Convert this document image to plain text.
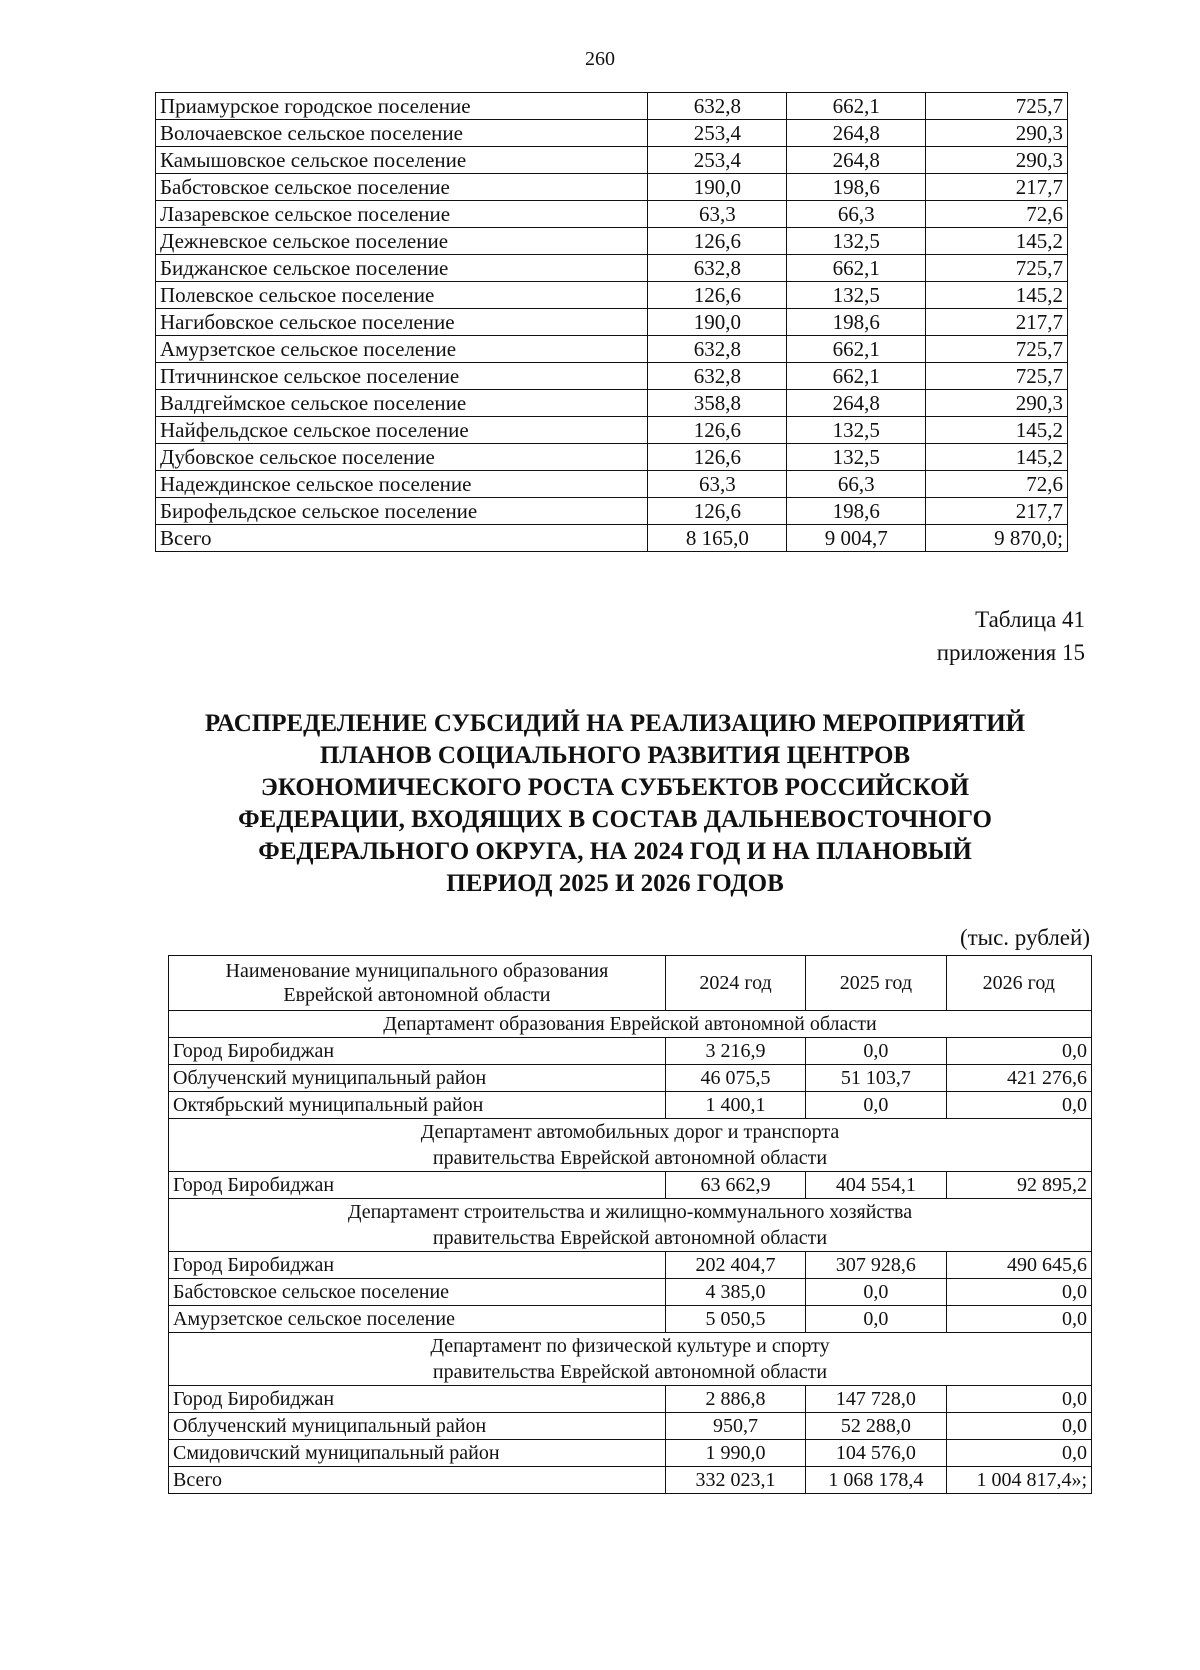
260
Приамурское городское поселение	632,8	662,1	725,7
Волочаевское сельское поселение	253,4	264,8	290,3
Камышовское сельское поселение	253,4	264,8	290,3
Бабстовское сельское поселение	190,0	198,6	217,7
Лазаревское сельское поселение	63,3	66,3	72,6
Дежневское сельское поселение	126,6	132,5	145,2
Биджанское сельское поселение	632,8	662,1	725,7
Полевское сельское поселение	126,6	132,5	145,2
Нагибовское сельское поселение	190,0	198,6	217,7
Амурзетское сельское поселение	632,8	662,1	725,7
Птичнинское сельское поселение	632,8	662,1	725,7
Валдгеймское сельское поселение	358,8	264,8	290,3
Найфельдское сельское поселение	126,6	132,5	145,2
Дубовское сельское поселение	126,6	132,5	145,2
Надеждинское сельское поселение	63,3	66,3	72,6
Бирофельдское сельское поселение	126,6	198,6	217,7
Всего	8 165,0	9 004,7	9 870,0;
Таблица 41
приложения 15
РАСПРЕДЕЛЕНИЕ СУБСИДИЙ НА РЕАЛИЗАЦИЮ МЕРОПРИЯТИЙ
ПЛАНОВ СОЦИАЛЬНОГО РАЗВИТИЯ ЦЕНТРОВ
ЭКОНОМИЧЕСКОГО РОСТА СУБЪЕКТОВ РОССИЙСКОЙ
ФЕДЕРАЦИИ, ВХОДЯЩИХ В СОСТАВ ДАЛЬНЕВОСТОЧНОГО
ФЕДЕРАЛЬНОГО ОКРУГА, НА 2024 ГОД И НА ПЛАНОВЫЙ
ПЕРИОД 2025 И 2026 ГОДОВ
(тыс. рублей)
Наименование муниципального образования
Еврейской автономной области	2024 год	2025 год	2026 год

Департамент образования Еврейской автономной области			

Город Биробиджан	3 216,9	0,0	0,0
Облученский муниципальный район	46 075,5	51 103,7	421 276,6
Октябрьский муниципальный район	1 400,1	0,0	0,0

Департамент автомобильных дорог и транспорта
правительства Еврейской автономной области			

Город Биробиджан	63 662,9	404 554,1	92 895,2

Департамент строительства и жилищно-коммунального хозяйства
правительства Еврейской автономной области			

Город Биробиджан	202 404,7	307 928,6	490 645,6
Бабстовское сельское поселение	4 385,0	0,0	0,0
Амурзетское сельское поселение	5 050,5	0,0	0,0

Департамент по физической культуре и спорту
правительства Еврейской автономной области			

Город Биробиджан	2 886,8	147 728,0	0,0
Облученский муниципальный район	950,7	52 288,0	0,0
Смидовичский муниципальный район	1 990,0	104 576,0	0,0
Всего	332 023,1	1 068 178,4	1 004 817,4»;
